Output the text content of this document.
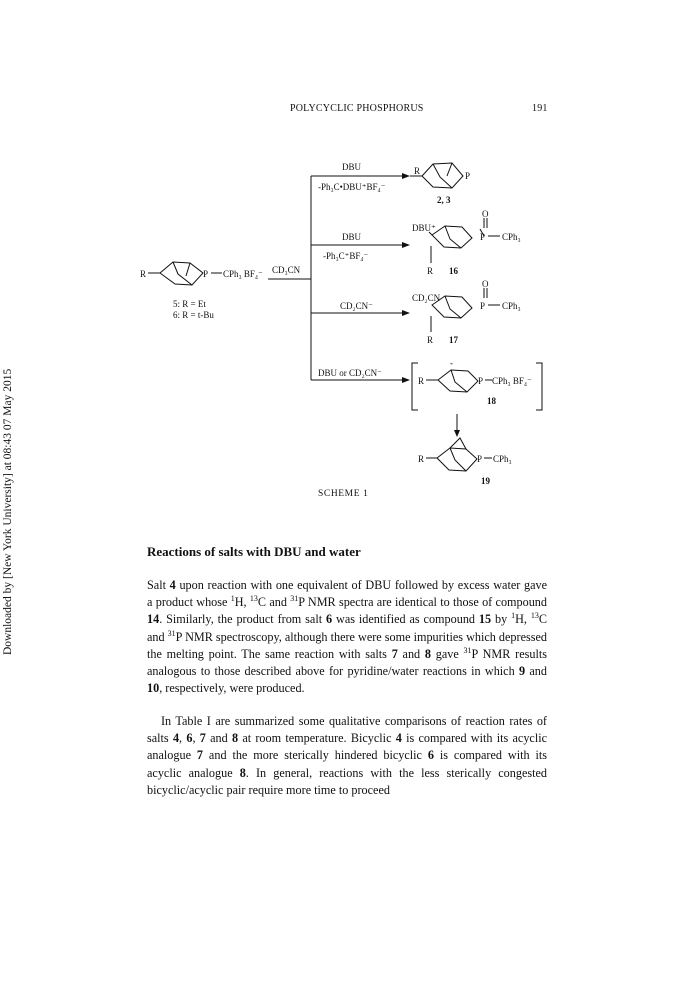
POLYCYCLIC PHOSPHORUS	191
Downloaded by [New York University] at 08:43 07 May 2015
R	P CPh₃ BF₄⁻
5: R = Et
6: R = t-Bu
CD₃CN
DBU
-Ph₃C•DBU⁺BF₄⁻
R	P
2, 3
DBU
-Ph₃C⁺BF₄⁻
DBU⁺
O
P CPh₃
R 16
CD₂CN⁻
CD₂CN
O
P CPh₃
R 17
DBU or CD₂CN⁻
-
R	P CPh₃ BF₄⁻
18
R	P CPh₃
19
SCHEME 1
Reactions of salts with DBU and water

Salt 4 upon reaction with one equivalent of DBU followed by excess water gave a product whose $^1$H, $^{13}$C and $^{31}$P NMR spectra are identical to those of compound 14. Similarly, the product from salt 6 was identified as compound 15 by $^1$H, $^{13}$C and $^{31}$P NMR spectroscopy, although there were some impurities which depressed the melting point. The same reaction with salts 7 and 8 gave $^{31}$P NMR results analogous to those described above for pyridine/water reactions in which 9 and 10, respectively, were produced.

In Table I are summarized some qualitative comparisons of reaction rates of salts 4, 6, 7 and 8 at room temperature. Bicyclic 4 is compared with its acyclic analogue 7 and the more sterically hindered bicyclic 6 is compared with its acyclic analogue 8. In general, reactions with the less sterically congested bicyclic/acyclic pair require more time to proceed
